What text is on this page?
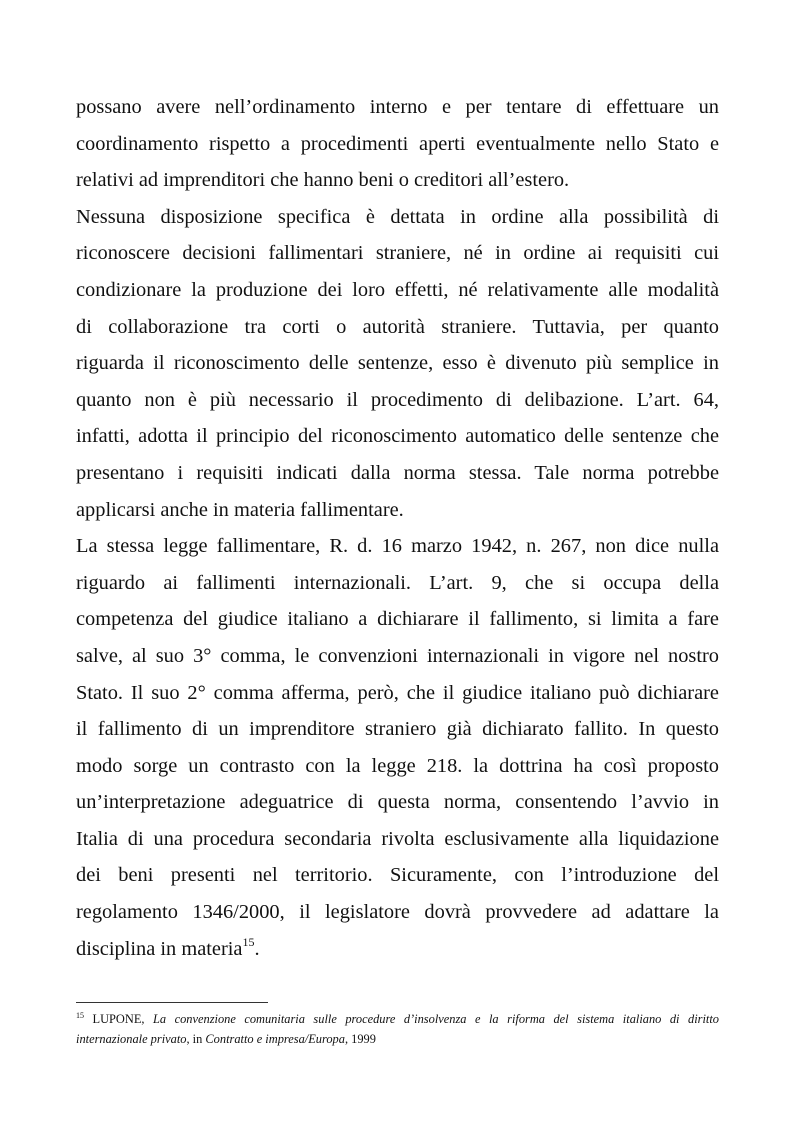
possano avere nell’ordinamento interno e per tentare di effettuare un
coordinamento rispetto a procedimenti aperti eventualmente nello Stato e
relativi ad imprenditori che hanno beni o creditori all’estero.
Nessuna disposizione specifica è dettata in ordine alla possibilità di
riconoscere decisioni fallimentari straniere, né in ordine ai requisiti cui
condizionare la produzione dei loro effetti, né relativamente alle modalità
di collaborazione tra corti o autorità straniere. Tuttavia, per quanto
riguarda il riconoscimento delle sentenze, esso è divenuto più semplice in
quanto non è più necessario il procedimento di delibazione. L’art. 64,
infatti, adotta il principio del riconoscimento automatico delle sentenze che
presentano i requisiti indicati dalla norma stessa. Tale norma potrebbe
applicarsi anche in materia fallimentare.
La stessa legge fallimentare, R. d. 16 marzo 1942, n. 267, non dice nulla
riguardo ai fallimenti internazionali. L’art. 9, che si occupa della
competenza del giudice italiano a dichiarare il fallimento, si limita a fare
salve, al suo 3° comma, le convenzioni internazionali in vigore nel nostro
Stato. Il suo 2° comma afferma, però, che il giudice italiano può dichiarare
il fallimento di un imprenditore straniero già dichiarato fallito. In questo
modo sorge un contrasto con la legge 218. la dottrina ha così proposto
un’interpretazione adeguatrice di questa norma, consentendo l’avvio in
Italia di una procedura secondaria rivolta esclusivamente alla liquidazione
dei beni presenti nel territorio. Sicuramente, con l’introduzione del
regolamento 1346/2000, il legislatore dovrà provvedere ad adattare la
disciplina in materia$^{15}$.
$^{15}$ LUPONE, La convenzione comunitaria sulle procedure d’insolvenza e la riforma del sistema italiano di diritto
internazionale privato, in Contratto e impresa/Europa, 1999
